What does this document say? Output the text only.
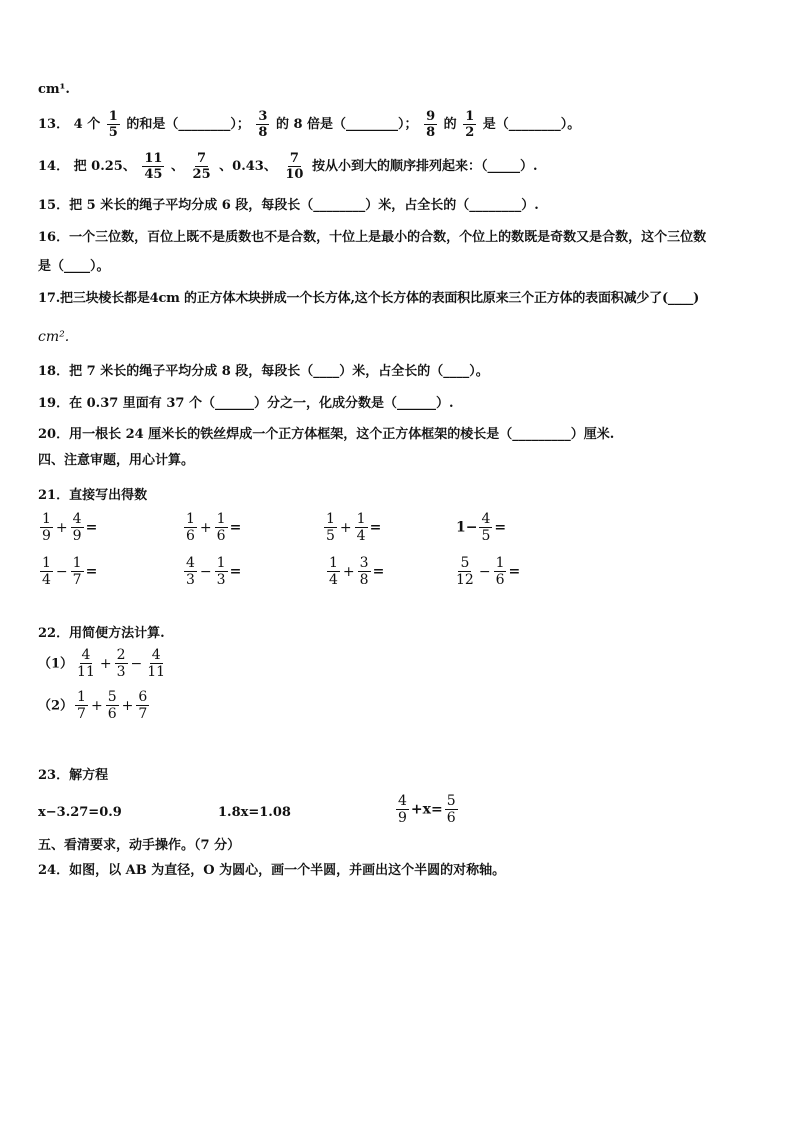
cm¹.
13． 4 个 $\frac{1}{5}$ 的和是（________）； $\frac{3}{8}$ 的 8 倍是（________）； $\frac{9}{8}$ 的 $\frac{1}{2}$ 是（________）。
14． 把 0.25、 $\frac{11}{45}$ 、 $\frac{7}{25}$ 、0.43、 $\frac{7}{10}$ 按从小到大的顺序排列起来：（_____）.
15．把 5 米长的绳子平均分成 6 段，每段长（________）米，占全长的（________）.
16．一个三位数，百位上既不是质数也不是合数，十位上是最小的合数，个位上的数既是奇数又是合数，这个三位数
是（____）。
17.把三块棱长都是4cm 的正方体木块拼成一个长方体,这个长方体的表面积比原来三个正方体的表面积减少了(____)
cm².
18．把 7 米长的绳子平均分成 8 段，每段长（____）米，占全长的（____）。
19．在 0.37 里面有 37 个（______）分之一，化成分数是（______）.
20．用一根长 24 厘米长的铁丝焊成一个正方体框架，这个正方体框架的棱长是（_________）厘米.
四、注意审题，用心计算。
21．直接写出得数
$\frac{1}{9} + \frac{4}{9}$ =	$\frac{1}{6} + \frac{1}{6}$ =	$\frac{1}{5} + \frac{1}{4}$ =	$1- \frac{4}{5}$ =
$\frac{1}{4} - \frac{1}{7}$ =	$\frac{4}{3} - \frac{1}{3}$ =	$\frac{1}{4} + \frac{3}{8}$ =	$\frac{5}{12} - \frac{1}{6}$ =
22．用简便方法计算.
$(1) \frac{4}{11} + \frac{2}{3} - \frac{4}{11}$
$(2) \frac{1}{7} + \frac{5}{6} + \frac{6}{7}$
23．解方程
x−3.27=0.9	1.8x=1.08	$\frac{4}{9} +x= \frac{5}{6}$
五、看清要求，动手操作。（7 分）
24．如图，以 AB 为直径，O 为圆心，画一个半圆，并画出这个半圆的对称轴。
